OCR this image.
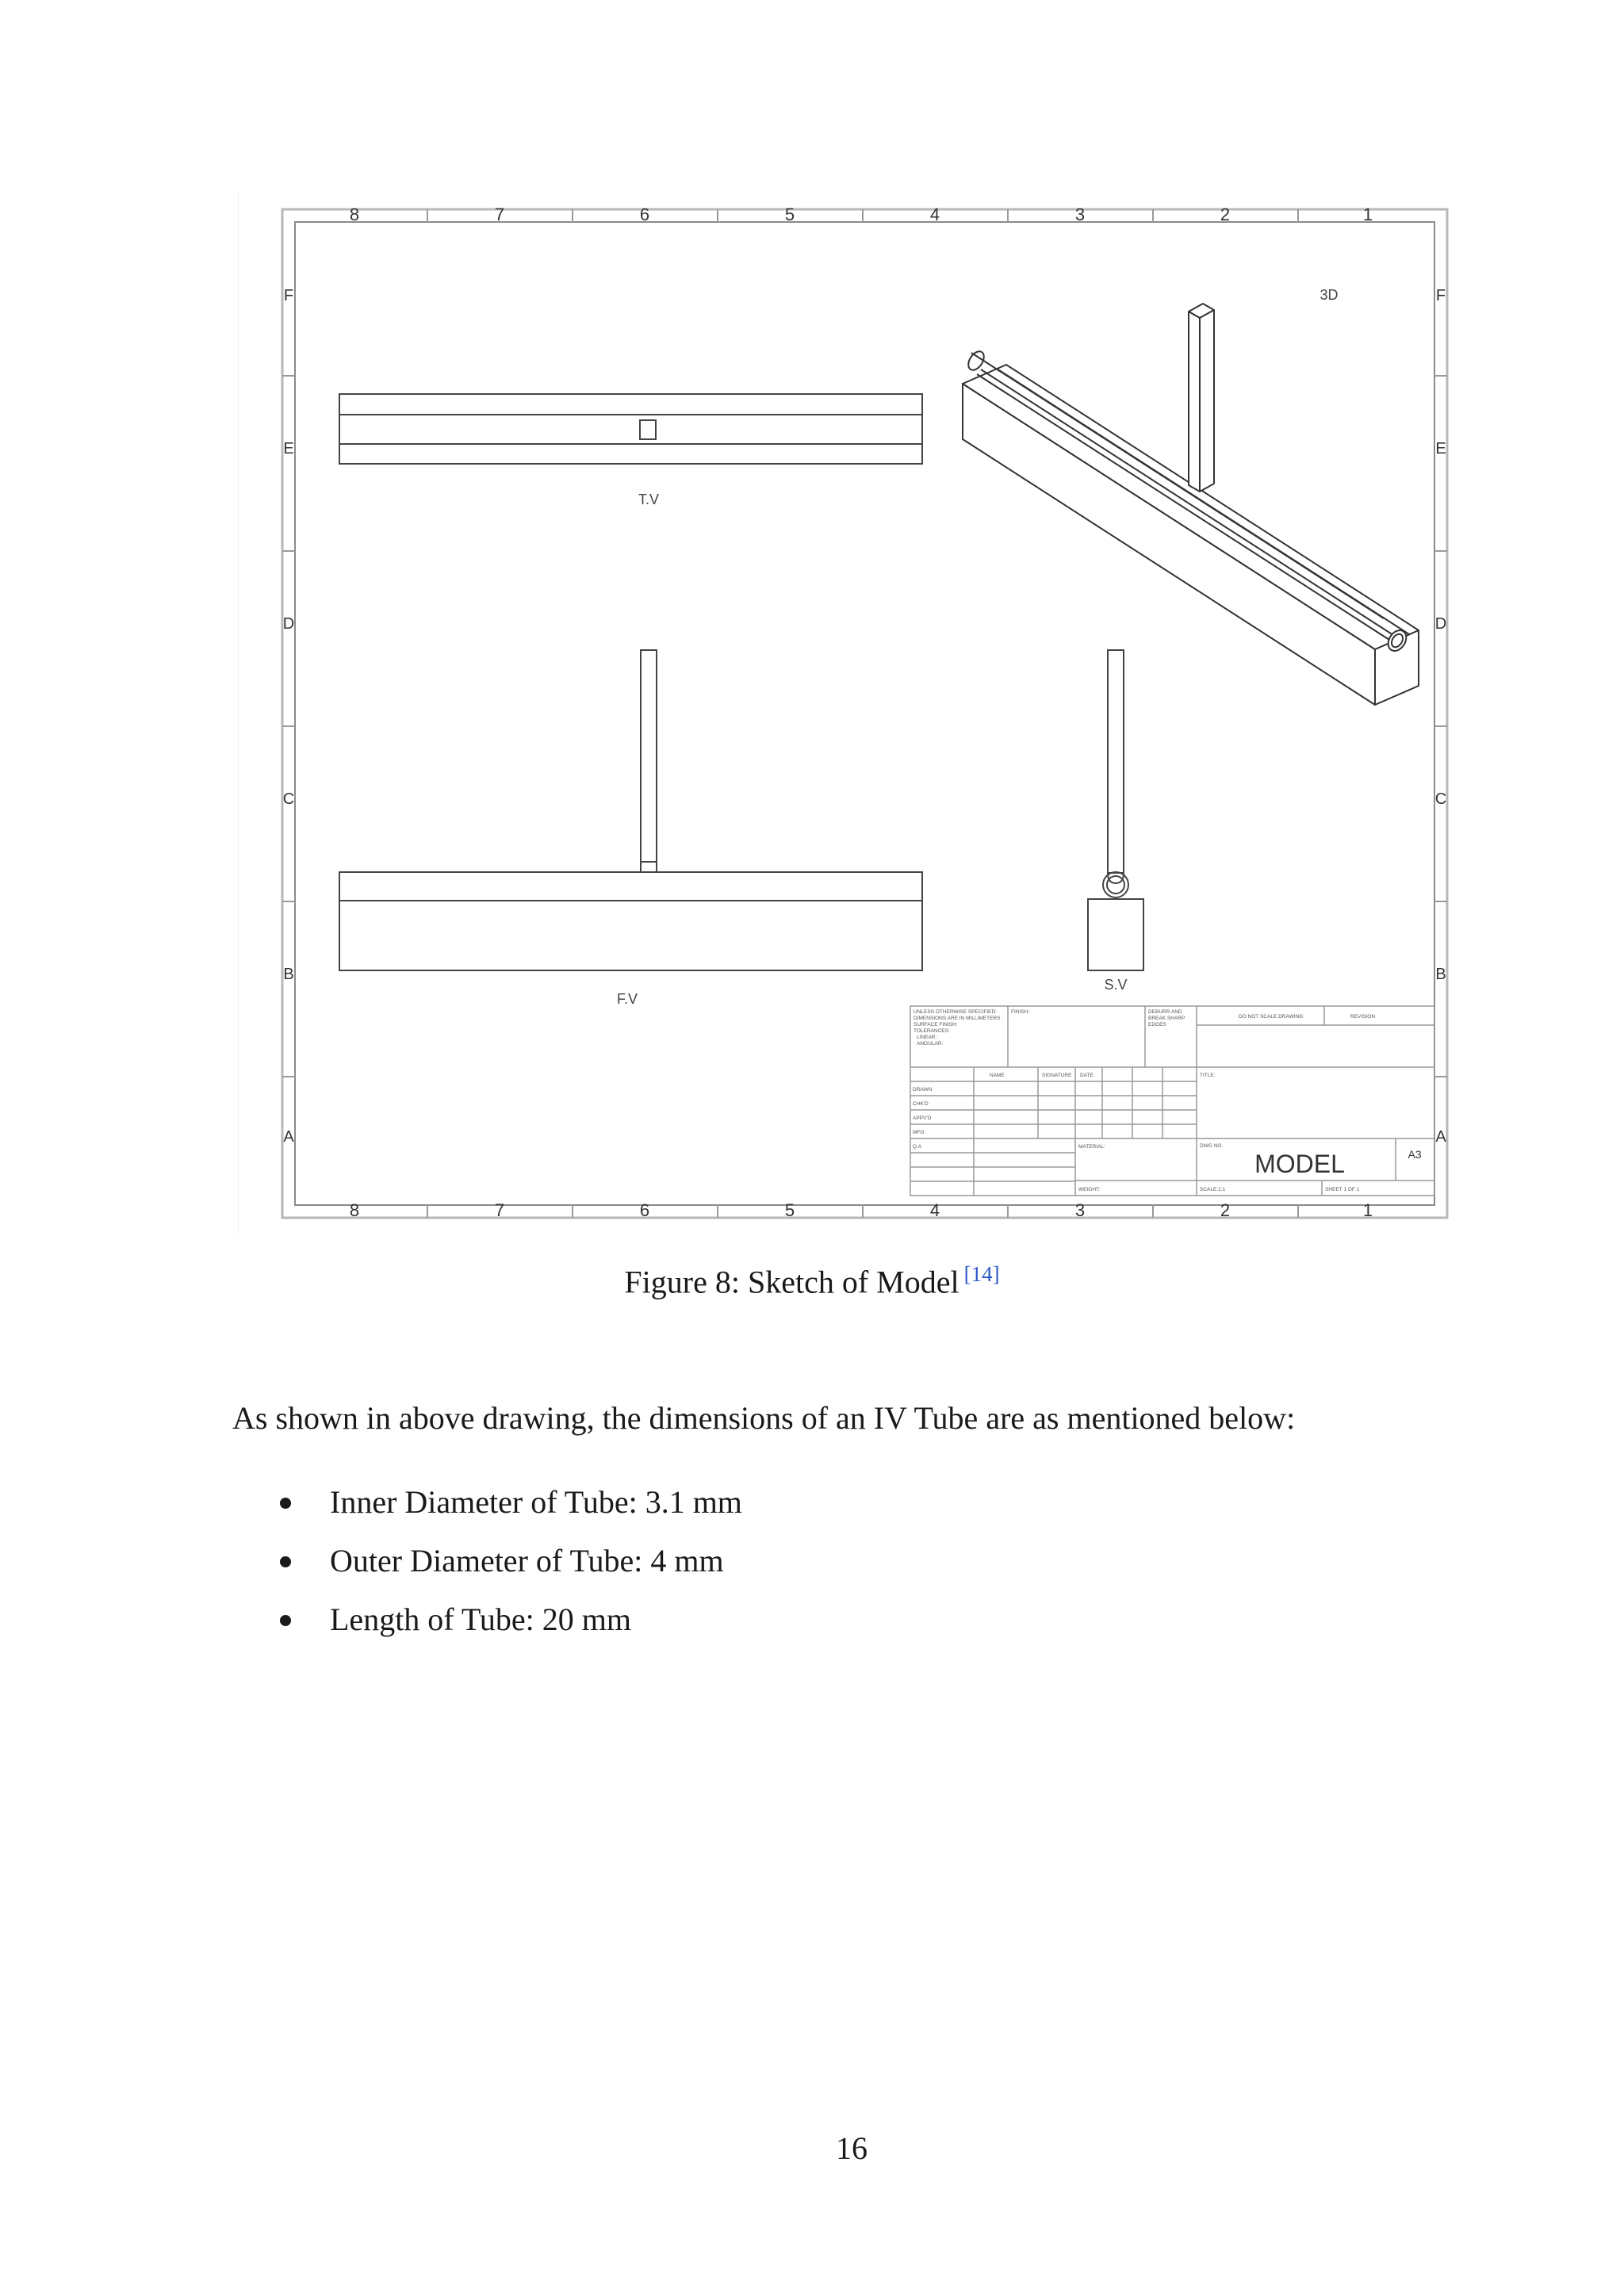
8	7	6	5	4	3	2	1
8	7	6	5	4	3	2	1
F
E
D
C
B
A
F
E
D
C
B
A
T.V
F.V
S.V
3D
UNLESS OTHERWISE SPECIFIED:
DIMENSIONS ARE IN MILLIMETERS
SURFACE FINISH:
TOLERANCES:
LINEAR:
ANGULAR:
FINISH:	DEBURR AND
BREAK SHARP
EDGES
DO NOT SCALE DRAWING	REVISION
NAME	SIGNATURE DATE
DRAWN
CHK'D
APPV'D
MFG
Q.A
TITLE:
MATERIAL:	DWG NO.
WEIGHT:	SCALE:1:1	SHEET 1 OF 1
MODEL	A3
Figure 8: Sketch of Model [14]
As shown in above drawing, the dimensions of an IV Tube are as mentioned below:
Inner Diameter of Tube: 3.1 mm
Outer Diameter of Tube: 4 mm
Length of Tube: 20 mm
16
